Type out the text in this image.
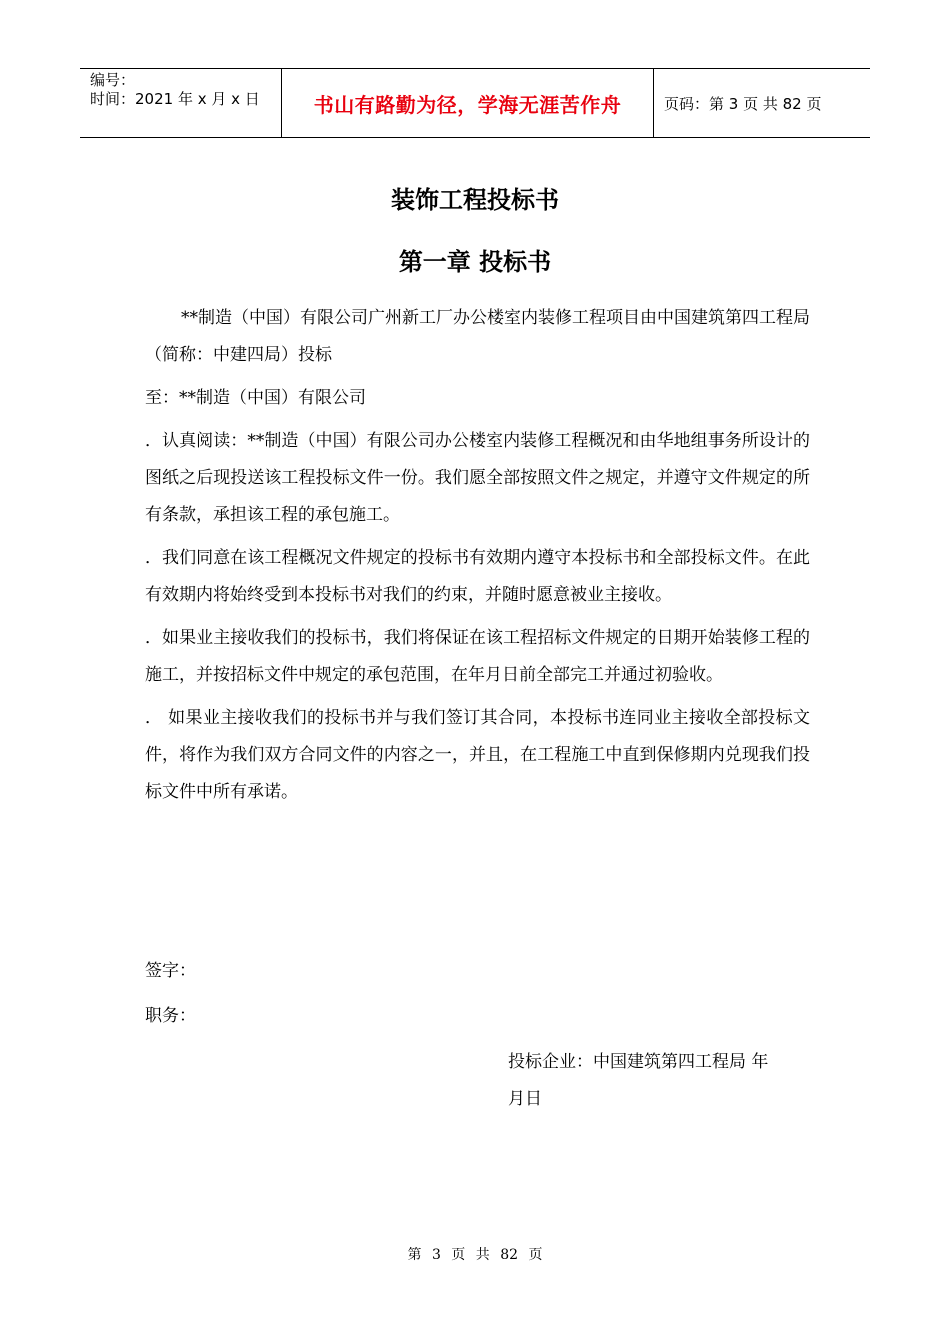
编号：
时间：2021 年 x 月 x 日	书山有路勤为径，学海无涯苦作舟	页码：第 3 页 共 82 页
装饰工程投标书
第一章 投标书

**制造（中国）有限公司广州新工厂办公楼室内装修工程项目由中国建筑第四工程局（简称：中建四局）投标

至：**制造（中国）有限公司

．认真阅读：**制造（中国）有限公司办公楼室内装修工程概况和由华地组事务所设计的图纸之后现投送该工程投标文件一份。我们愿全部按照文件之规定，并遵守文件规定的所有条款，承担该工程的承包施工。

．我们同意在该工程概况文件规定的投标书有效期内遵守本投标书和全部投标文件。在此有效期内将始终受到本投标书对我们的约束，并随时愿意被业主接收。

．如果业主接收我们的投标书，我们将保证在该工程招标文件规定的日期开始装修工程的施工，并按招标文件中规定的承包范围，在年月日前全部完工并通过初验收。

． 如果业主接收我们的投标书并与我们签订其合同，本投标书连同业主接收全部投标文件，将作为我们双方合同文件的内容之一，并且，在工程施工中直到保修期内兑现我们投标文件中所有承诺。

签字：
职务：
投标企业：中国建筑第四工程局 年
月日
第 3 页 共 82 页
